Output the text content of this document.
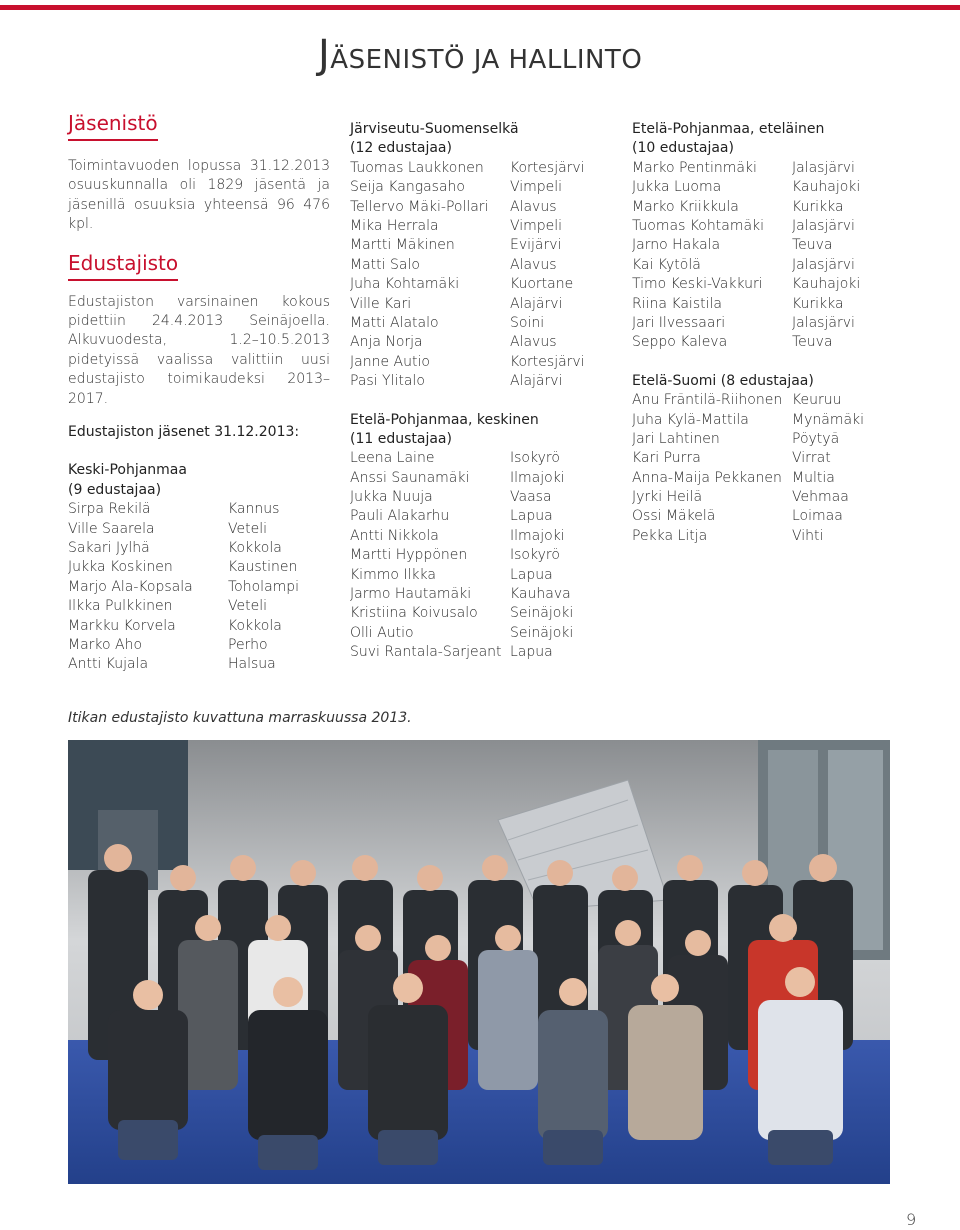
JÄSENISTÖ JA HALLINTO
Jäsenistö

Toimintavuoden lopussa 31.12.2013 osuuskunnalla oli 1829 jäsentä ja jäsenillä osuuksia yhteensä 96 476 kpl.

Edustajisto

Edustajiston varsinainen kokous pidettiin 24.4.2013 Seinäjoella. Alkuvuodesta, 1.2–10.5.2013 pidetyissä vaalissa valittiin uusi edustajisto toimikaudeksi 2013–2017.

Edustajiston jäsenet 31.12.2013:

Keski-Pohjanmaa

(9 edustajaa)

Sirpa Rekilä	Kannus
Ville Saarela	Veteli
Sakari Jylhä	Kokkola
Jukka Koskinen	Kaustinen
Marjo Ala-Kopsala	Toholampi
Ilkka Pulkkinen	Veteli
Markku Korvela	Kokkola
Marko Aho	Perho
Antti Kujala	Halsua

Järviseutu-Suomenselkä

(12 edustajaa)

Tuomas Laukkonen	Kortesjärvi
Seija Kangasaho	Vimpeli
Tellervo Mäki-Pollari	Alavus
Mika Herrala	Vimpeli
Martti Mäkinen	Evijärvi
Matti Salo	Alavus
Juha Kohtamäki	Kuortane
Ville Kari	Alajärvi
Matti Alatalo	Soini
Anja Norja	Alavus
Janne Autio	Kortesjärvi
Pasi Ylitalo	Alajärvi

Etelä-Pohjanmaa, keskinen

(11 edustajaa)

Leena Laine	Isokyrö
Anssi Saunamäki	Ilmajoki
Jukka Nuuja	Vaasa
Pauli Alakarhu	Lapua
Antti Nikkola	Ilmajoki
Martti Hyppönen	Isokyrö
Kimmo Ilkka	Lapua
Jarmo Hautamäki	Kauhava
Kristiina Koivusalo	Seinäjoki
Olli Autio	Seinäjoki
Suvi Rantala-Sarjeant Lapua

Etelä-Pohjanmaa, eteläinen

(10 edustajaa)

Marko Pentinmäki	Jalasjärvi
Jukka Luoma	Kauhajoki
Marko Kriikkula	Kurikka
Tuomas Kohtamäki	Jalasjärvi
Jarno Hakala	Teuva
Kai Kytölä	Jalasjärvi
Timo Keski-Vakkuri	Kauhajoki
Riina Kaistila	Kurikka
Jari Ilvessaari	Jalasjärvi
Seppo Kaleva	Teuva

Etelä-Suomi (8 edustajaa)

Anu Fräntilä-Riihonen Keuruu
Juha Kylä-Mattila	Mynämäki
Jari Lahtinen	Pöytyä
Kari Purra	Virrat
Anna-Maija Pekkanen Multia
Jyrki Heilä	Vehmaa
Ossi Mäkelä	Loimaa
Pekka Litja	Vihti
Itikan edustajisto kuvattuna marraskuussa 2013.
9
